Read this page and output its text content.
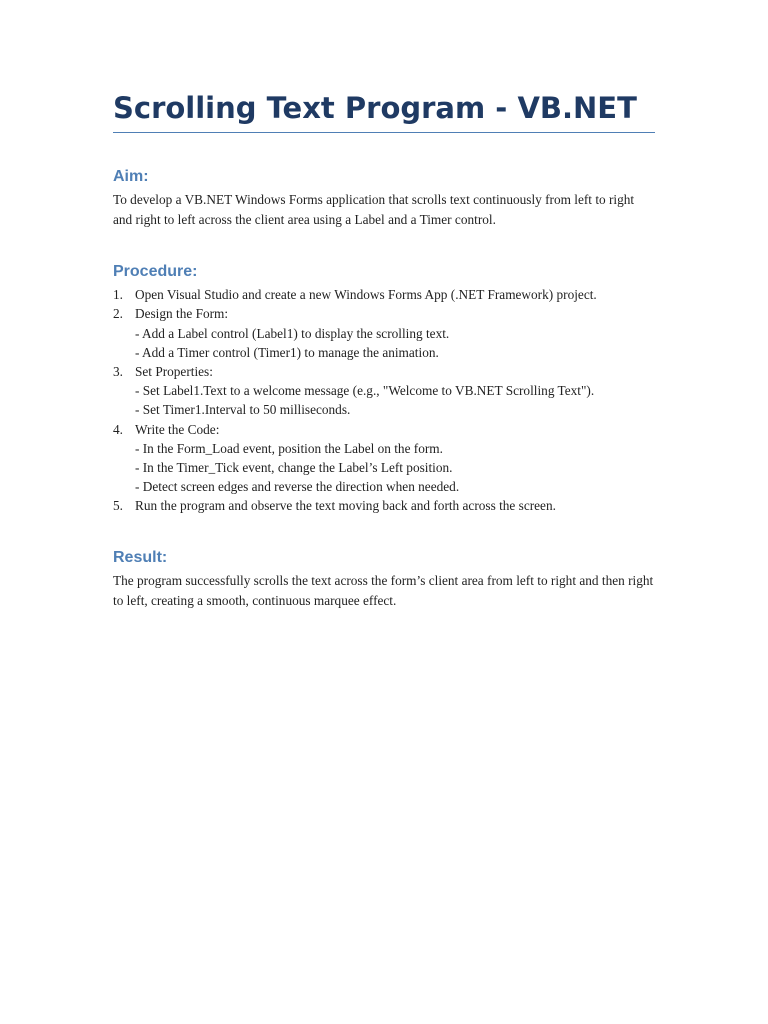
Scrolling Text Program - VB.NET
Aim:

To develop a VB.NET Windows Forms application that scrolls text continuously from left to right and right to left across the client area using a Label and a Timer control.

Procedure:
1. Open Visual Studio and create a new Windows Forms App (.NET Framework) project.
2. Design the Form:
- Add a Label control (Label1) to display the scrolling text.
- Add a Timer control (Timer1) to manage the animation.
3. Set Properties:
- Set Label1.Text to a welcome message (e.g., "Welcome to VB.NET Scrolling Text").
- Set Timer1.Interval to 50 milliseconds.
4. Write the Code:
- In the Form_Load event, position the Label on the form.
- In the Timer_Tick event, change the Label’s Left position.
- Detect screen edges and reverse the direction when needed.
5. Run the program and observe the text moving back and forth across the screen.
Result:

The program successfully scrolls the text across the form’s client area from left to right and then right to left, creating a smooth, continuous marquee effect.
